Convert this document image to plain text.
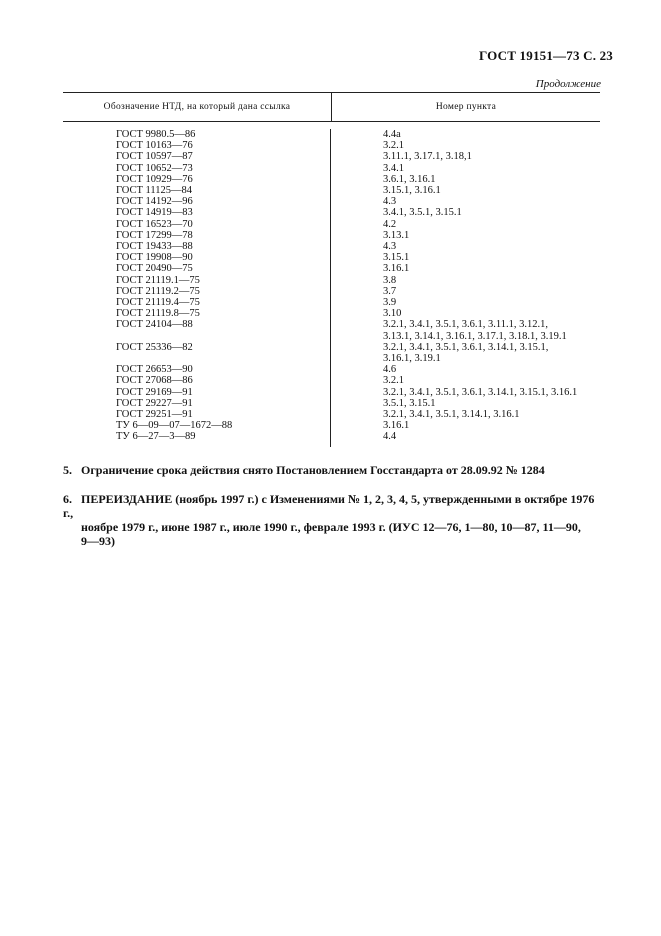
ГОСТ 19151—73 С. 23
Продолжение
Обозначение НТД, на который дана ссылка	Номер пункта
ГОСТ 9980.5—86	4.4а
ГОСТ 10163—76	3.2.1
ГОСТ 10597—87	3.11.1, 3.17.1, 3.18,1
ГОСТ 10652—73	3.4.1
ГОСТ 10929—76	3.6.1, 3.16.1
ГОСТ 11125—84	3.15.1, 3.16.1
ГОСТ 14192—96	4.3
ГОСТ 14919—83	3.4.1, 3.5.1, 3.15.1
ГОСТ 16523—70	4.2
ГОСТ 17299—78	3.13.1
ГОСТ 19433—88	4.3
ГОСТ 19908—90	3.15.1
ГОСТ 20490—75	3.16.1
ГОСТ 21119.1—75	3.8
ГОСТ 21119.2—75	3.7
ГОСТ 21119.4—75	3.9
ГОСТ 21119.8—75	3.10
ГОСТ 24104—88	3.2.1, 3.4.1, 3.5.1, 3.6.1, 3.11.1, 3.12.1,
3.13.1, 3.14.1, 3.16.1, 3.17.1, 3.18.1, 3.19.1
ГОСТ 25336—82	3.2.1, 3.4.1, 3.5.1, 3.6.1, 3.14.1, 3.15.1,
3.16.1, 3.19.1
ГОСТ 26653—90	4.6
ГОСТ 27068—86	3.2.1
ГОСТ 29169—91	3.2.1, 3.4.1, 3.5.1, 3.6.1, 3.14.1, 3.15.1, 3.16.1
ГОСТ 29227—91	3.5.1, 3.15.1
ГОСТ 29251—91	3.2.1, 3.4.1, 3.5.1, 3.14.1, 3.16.1
ТУ 6—09—07—1672—88	3.16.1
ТУ 6—27—3—89	4.4
5. Ограничение срока действия снято Постановлением Госстандарта от 28.09.92 № 1284
6. ПЕРЕИЗДАНИЕ (ноябрь 1997 г.) с Изменениями № 1, 2, 3, 4, 5, утвержденными в октябре 1976 г.,
ноябре 1979 г., июне 1987 г., июле 1990 г., феврале 1993 г. (ИУС 12—76, 1—80, 10—87, 11—90,
9—93)
